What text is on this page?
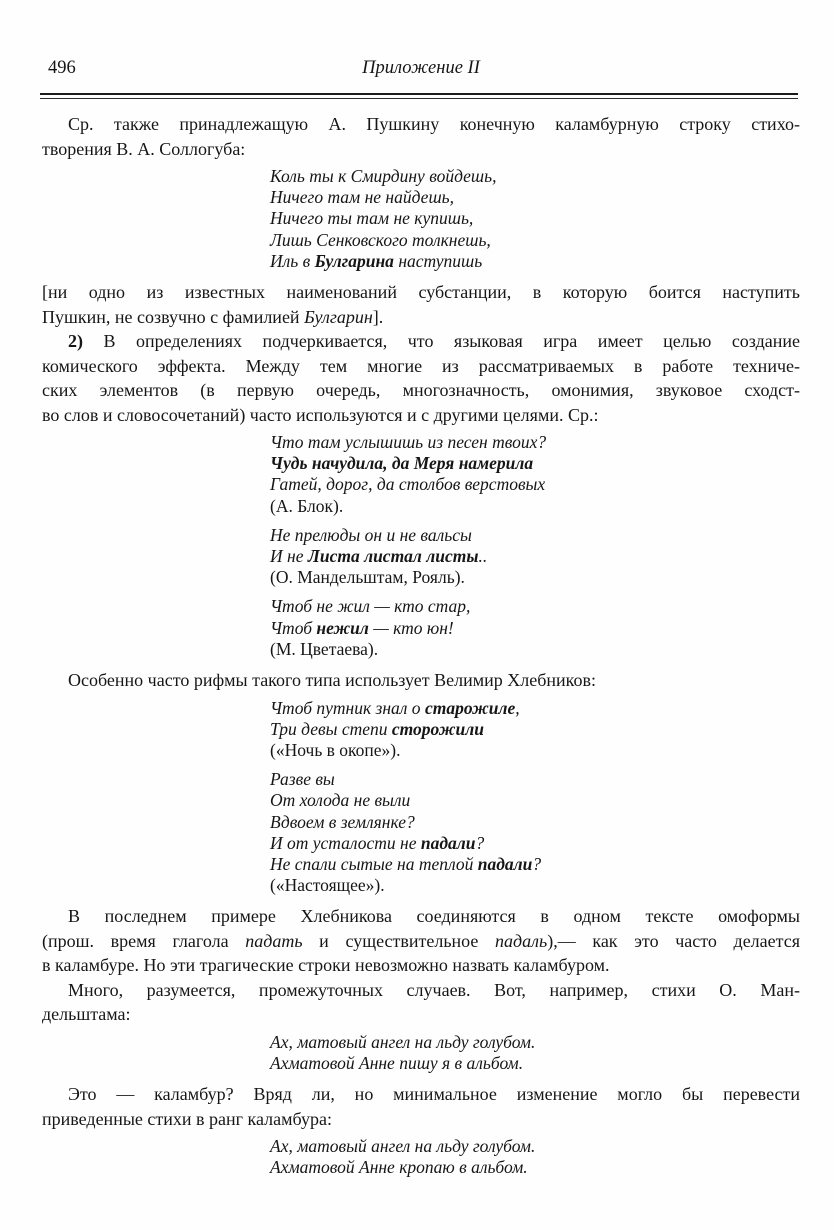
496	Приложение II
Ср. также принадлежащую А. Пушкину конечную каламбурную строку стихо-
творения В. А. Соллогуба:
Коль ты к Смирдину войдешь,
Ничего там не найдешь,
Ничего ты там не купишь,
Лишь Сенковского толкнешь,
Иль в Булгарина наступишь
[ни одно из известных наименований субстанции, в которую боится наступить
Пушкин, не созвучно с фамилией Булгарин].
2) В определениях подчеркивается, что языковая игра имеет целью создание
комического эффекта. Между тем многие из рассматриваемых в работе техниче-
ских элементов (в первую очередь, многозначность, омонимия, звуковое сходст-
во слов и словосочетаний) часто используются и с другими целями. Ср.:
Что там услышишь из песен твоих?
Чудь начудила, да Меря намерила
Гатей, дорог, да столбов верстовых
(А. Блок).
Не прелюды он и не вальсы
И не Листа листал листы..
(О. Мандельштам, Рояль).
Чтоб не жил — кто стар,
Чтоб нежил — кто юн!
(М. Цветаева).
Особенно часто рифмы такого типа использует Велимир Хлебников:
Чтоб путник знал о старожиле,
Три девы степи сторожили
(«Ночь в окопе»).
Разве вы
От холода не выли
Вдвоем в землянке?
И от усталости не падали?
Не спали сытые на теплой падали?
(«Настоящее»).
В последнем примере Хлебникова соединяются в одном тексте омоформы
(прош. время глагола падать и существительное падаль),— как это часто делается
в каламбуре. Но эти трагические строки невозможно назвать каламбуром.
Много, разумеется, промежуточных случаев. Вот, например, стихи О. Ман-
дельштама:
Ах, матовый ангел на льду голубом.
Ахматовой Анне пишу я в альбом.
Это — каламбур? Вряд ли, но минимальное изменение могло бы перевести
приведенные стихи в ранг каламбура:
Ах, матовый ангел на льду голубом.
Ахматовой Анне кропаю в альбом.
